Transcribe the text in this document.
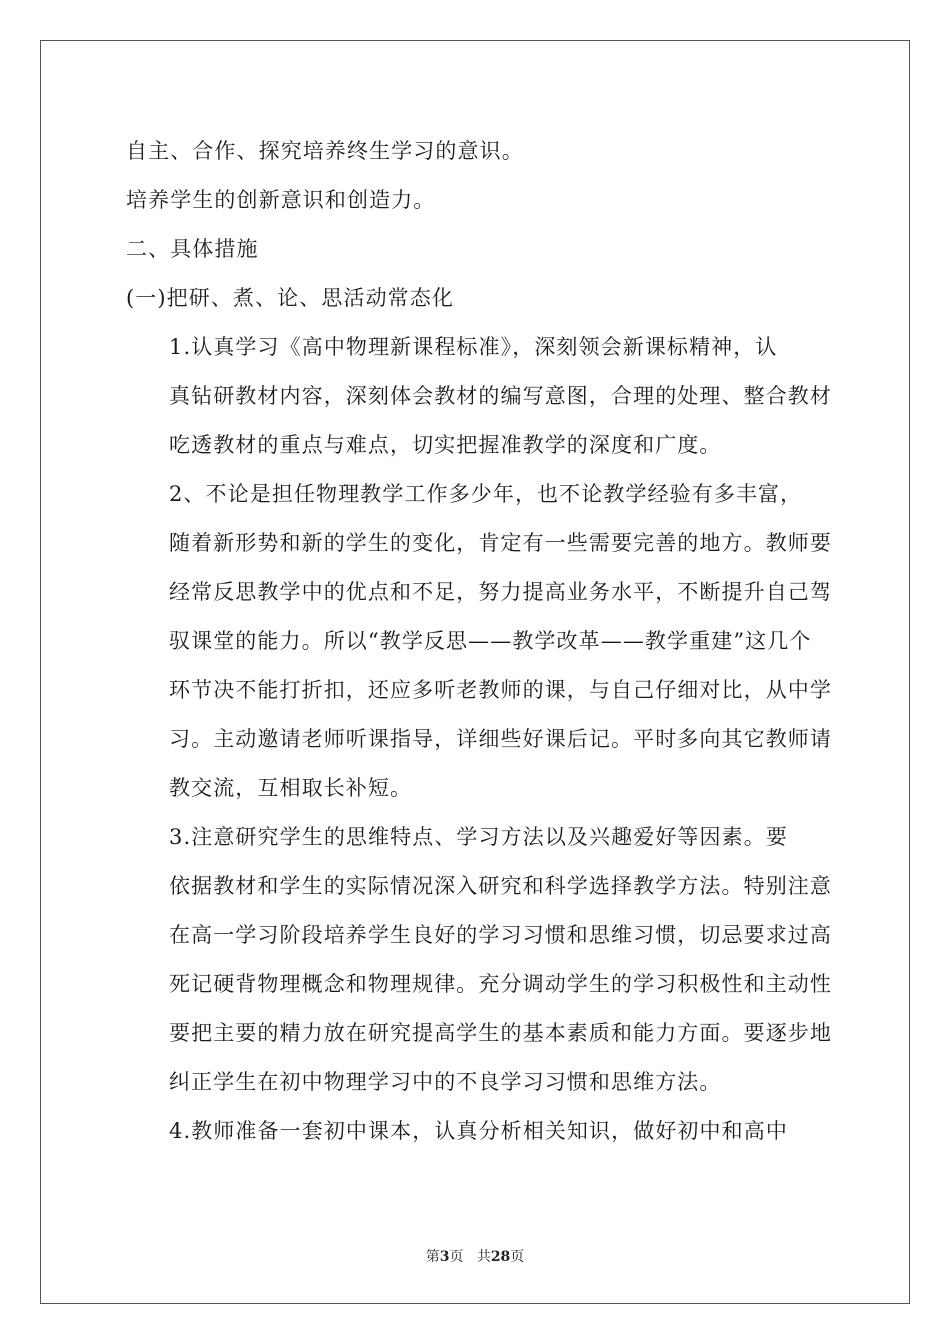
自主、合作、探究培养终生学习的意识。

培养学生的创新意识和创造力。

二、具体措施

(一)把研、煮、论、思活动常态化

1.认真学习《高中物理新课程标准》，深刻领会新课标精神，认
真钻研教材内容，深刻体会教材的编写意图，合理的处理、整合教材
吃透教材的重点与难点，切实把握准教学的深度和广度。

2、不论是担任物理教学工作多少年，也不论教学经验有多丰富，
随着新形势和新的学生的变化，肯定有一些需要完善的地方。教师要
经常反思教学中的优点和不足，努力提高业务水平，不断提升自己驾
驭课堂的能力。所以“教学反思——教学改革——教学重建”这几个
环节决不能打折扣，还应多听老教师的课，与自己仔细对比，从中学
习。主动邀请老师听课指导，详细些好课后记。平时多向其它教师请
教交流，互相取长补短。

3.注意研究学生的思维特点、学习方法以及兴趣爱好等因素。要
依据教材和学生的实际情况深入研究和科学选择教学方法。特别注意
在高一学习阶段培养学生良好的学习习惯和思维习惯，切忌要求过高
死记硬背物理概念和物理规律。充分调动学生的学习积极性和主动性
要把主要的精力放在研究提高学生的基本素质和能力方面。要逐步地
纠正学生在初中物理学习中的不良学习习惯和思维方法。

4.教师准备一套初中课本，认真分析相关知识，做好初中和高中

第3页 共28页
